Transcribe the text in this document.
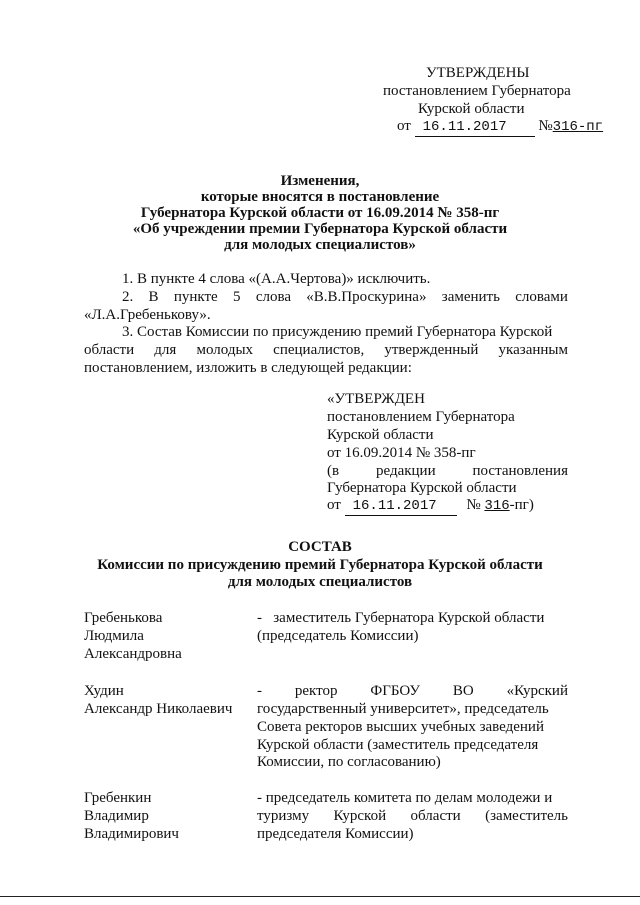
УТВЕРЖДЕНЫ
постановлением Губернатора
Курской области
от 16.11.2017 №316-пг
Изменения,
которые вносятся в постановление
Губернатора Курской области от 16.09.2014 № 358-пг
«Об учреждении премии Губернатора Курской области
для молодых специалистов»
1. В пункте 4 слова «(А.А.Чертова)» исключить.
2. В пункте 5 слова «В.В.Проскурина» заменить словами
«Л.А.Гребенькову».
3. Состав Комиссии по присуждению премий Губернатора Курской
области для молодых специалистов, утвержденный указанным
постановлением, изложить в следующей редакции:
«УТВЕРЖДЕН
постановлением Губернатора
Курской области
от 16.09.2014 № 358-пг
(в редакции постановления
Губернатора Курской области
от 16.11.2017 № 316-пг)
СОСТАВ
Комиссии по присуждению премий Губернатора Курской области
для молодых специалистов
Гребенькова
Людмила
Александровна
-   заместитель Губернатора Курской области
(председатель Комиссии)
Худин
Александр Николаевич
- ректор ФГБОУ ВО «Курский
государственный университет», председатель
Совета ректоров высших учебных заведений
Курской области (заместитель председателя
Комиссии, по согласованию)
Гребенкин
Владимир
Владимирович
- председатель комитета по делам молодежи и
туризму Курской области (заместитель
председателя Комиссии)
